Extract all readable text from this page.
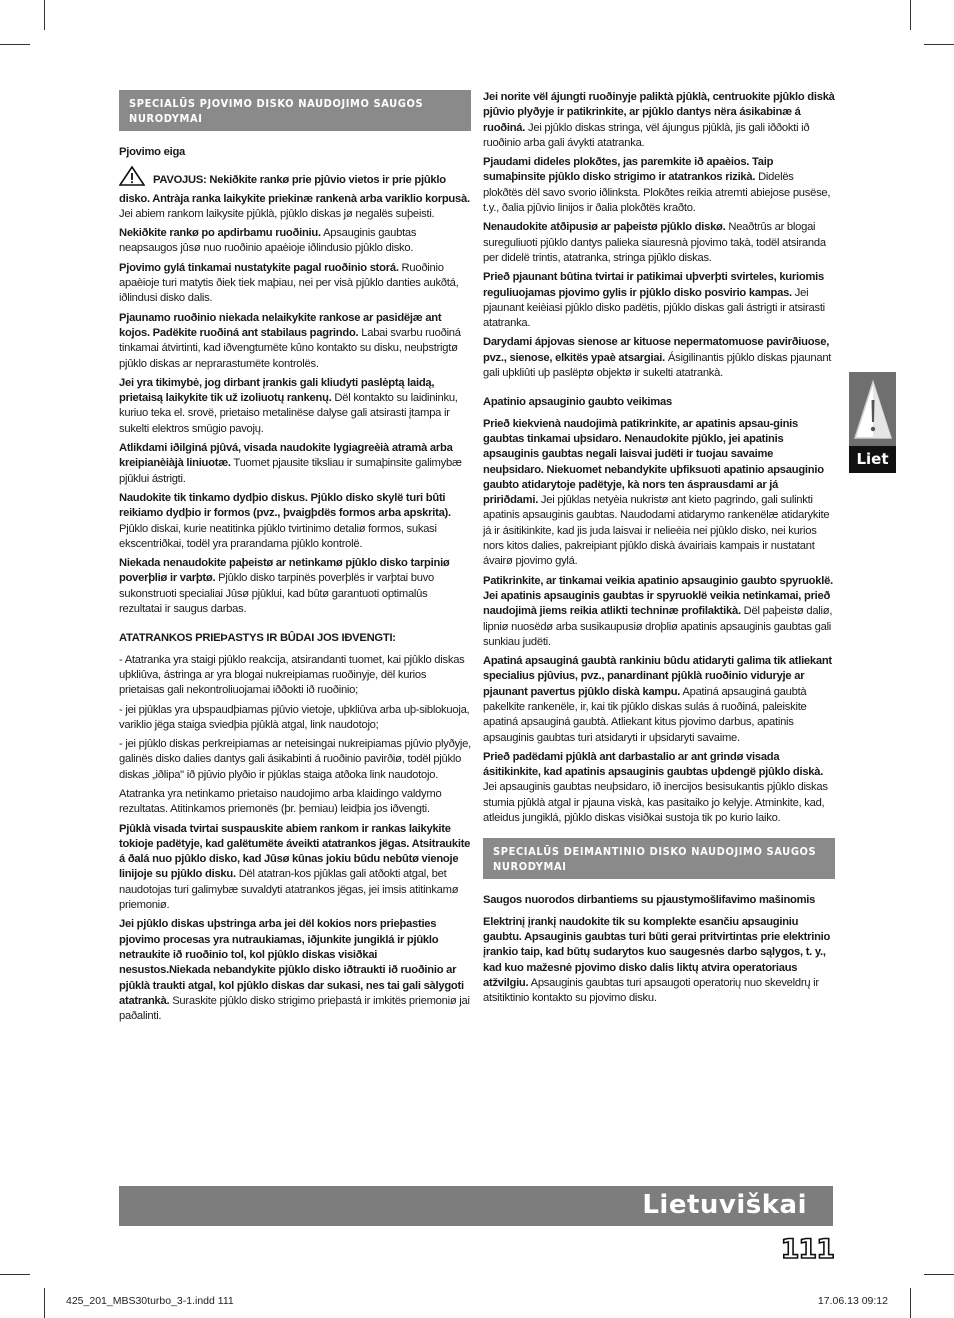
SPECIALŪS PJOVIMO DISKO NAUDOJIMO SAUGOS NURODYMAI

Pjovimo eiga

PAVOJUS: Nekiðkite rankø prie pjûvio vietos ir prie pjûklo disko. Antràja ranka laikykite priekinæ rankenà arba variklio korpusà. Jei abiem rankom laikysite pjûklà, pjûklo diskas jø negalës suþeisti.

Nekiðkite rankø po apdirbamu ruoðiniu. Apsauginis gaubtas neapsaugos jûsø nuo ruoðinio apaèioje iðlindusio pjûklo disko.

Pjovimo gylá tinkamai nustatykite pagal ruoðinio storá. Ruoðinio apaèioje turi matytis ðiek tiek maþiau, nei per visà pjûklo danties aukðtá, iðlindusi disko dalis.

Pjaunamo ruoðinio niekada nelaikykite rankose ar pasidëjæ ant kojos. Padëkite ruoðiná ant stabilaus pagrindo. Labai svarbu ruoðiná tinkamai átvirtinti, kad iðvengtumëte kûno kontakto su disku, neuþstrigtø pjûklo diskas ar neprarastumëte kontrolës.

Jei yra tikimybė, jog dirbant įrankis gali kliudyti paslėptą laidą, prietaisą laikykite tik už izoliuotų rankenų. Dël kontakto su laidininku, kuriuo teka el. srovë, prietaiso metalinëse dalyse gali atsirasti įtampa ir sukelti elektros smūgio pavojų.

Atlikdami iðilginá pjûvá, visada naudokite lygiagreèià atramà arba kreipianèiàjà liniuotæ. Tuomet pjausite tiksliau ir sumaþinsite galimybæ pjûklui ástrigti.

Naudokite tik tinkamo dydþio diskus. Pjûklo disko skylë turi bûti reikiamo dydþio ir formos (pvz., þvaigþdës formos arba apskrita). Pjûklo diskai, kurie neatitinka pjûklo tvirtinimo detaliø formos, sukasi ekscentriðkai, todël yra prarandama pjûklo kontrolë.

Niekada nenaudokite paþeistø ar netinkamø pjûklo disko tarpiniø poverþliø ir varþtø. Pjûklo disko tarpinës poverþlës ir varþtai buvo sukonstruoti specialiai Jûsø pjûklui, kad bûtø garantuoti optimalûs rezultatai ir saugus darbas.

ATATRANKOS PRIEÞASTYS IR BÛDAI JOS IÐVENGTI:

- Atatranka yra staigi pjûklo reakcija, atsirandanti tuomet, kai pjûklo diskas uþkliûva, ástringa ar yra blogai nukreipiamas ruoðinyje, dël kurios prietaisas gali nekontroliuojamai iððokti ið ruoðinio;

- jei pjûklas yra uþspaudþiamas pjûvio vietoje, uþkliûva arba uþ-siblokuoja, variklio jëga staiga sviedþia pjûklà atgal, link naudotojo;

- jei pjûklo diskas perkreipiamas ar neteisingai nukreipiamas pjûvio plyðyje, galinës disko dalies dantys gali ásikabinti á ruoðinio pavirðiø, todël pjûklo diskas „iðlipa" ið pjûvio plyðio ir pjûklas staiga atðoka link naudotojo.

Atatranka yra netinkamo prietaiso naudojimo arba klaidingo valdymo rezultatas. Atitinkamos priemonës (þr. þemiau) leidþia jos iðvengti.

Pjûklà visada tvirtai suspauskite abiem rankom ir rankas laikykite tokioje padëtyje, kad galëtumëte áveikti atatrankos jëgas. Atsitraukite á ðalá nuo pjûklo disko, kad Jûsø kûnas jokiu bûdu nebûtø vienoje linijoje su pjûklo disku. Dël atatran-kos pjûklas gali atðokti atgal, bet naudotojas turi galimybæ suvaldyti atatrankos jëgas, jei imsis atitinkamø priemoniø.

Jei pjûklo diskas uþstringa arba jei dël kokios nors prieþasties pjovimo procesas yra nutraukiamas, iðjunkite jungiklá ir pjûklo netraukite ið ruoðinio tol, kol pjûklo diskas visiðkai nesustos.Niekada nebandykite pjûklo disko iðtraukti ið ruoðinio ar pjûklà traukti atgal, kol pjûklo diskas dar sukasi, nes tai gali sàlygoti atatrankà. Suraskite pjûklo disko strigimo prieþastá ir imkitës priemoniø jai paðalinti.

Jei norite vël ájungti ruoðinyje paliktà pjûklà, centruokite pjûklo diskà pjûvio plyðyje ir patikrinkite, ar pjûklo dantys nëra ásikabinæ á ruoðiná. Jei pjûklo diskas stringa, vël ájungus pjûklà, jis gali iððokti ið ruoðinio arba gali ávykti atatranka.

Pjaudami dideles plokðtes, jas paremkite ið apaèios. Taip sumaþinsite pjûklo disko strigimo ir atatrankos rizikà. Didelës plokðtës dël savo svorio iðlinksta. Plokðtes reikia atremti abiejose pusëse, t.y., ðalia pjûvio linijos ir ðalia plokðtës kraðto.

Nenaudokite atðipusiø ar paþeistø pjûklo diskø. Neaðtrûs ar blogai sureguliuoti pjûklo dantys palieka siauresnà pjovimo takà, todël atsiranda per didelë trintis, atatranka, stringa pjûklo diskas.

Prieð pjaunant bûtina tvirtai ir patikimai uþverþti svirteles, kuriomis reguliuojamas pjovimo gylis ir pjûklo disko posvirio kampas. Jei pjaunant keièiasi pjûklo disko padëtis, pjûklo diskas gali ástrigti ir atsirasti atatranka.

Darydami ápjovas sienose ar kituose nepermatomuose pavirðiuose, pvz., sienose, elkitës ypaè atsargiai. Ásigilinantis pjûklo diskas pjaunant gali uþkliûti uþ paslëptø objektø ir sukelti atatrankà.

Apatinio apsauginio gaubto veikimas

Prieð kiekvienà naudojimà patikrinkite, ar apatinis apsau-ginis gaubtas tinkamai uþsidaro. Nenaudokite pjûklo, jei apatinis apsauginis gaubtas negali laisvai judëti ir tuojau savaime neuþsidaro. Niekuomet nebandykite uþfiksuoti apatinio apsauginio gaubto atidarytoje padëtyje, kà nors ten ásprausdami ar já pririðdami. Jei pjûklas netyèia nukristø ant kieto pagrindo, gali sulinkti apatinis apsauginis gaubtas. Naudodami atidarymo rankenëlæ atidarykite já ir ásitikinkite, kad jis juda laisvai ir nelieèia nei pjûklo disko, nei kurios nors kitos dalies, pakreipiant pjûklo diskà ávairiais kampais ir nustatant ávairø pjovimo gylá.

Patikrinkite, ar tinkamai veikia apatinio apsauginio gaubto spyruoklë. Jei apatinis apsauginis gaubtas ir spyruoklë veikia netinkamai, prieð naudojimà jiems reikia atlikti techninæ profilaktikà. Dël paþeistø daliø, lipniø nuosëdø arba susikaupusiø droþliø apatinis apsauginis gaubtas gali sunkiau judëti.

Apatiná apsauginá gaubtà rankiniu bûdu atidaryti galima tik atliekant specialius pjûvius, pvz., panardinant pjûklà ruoðinio viduryje ar pjaunant pavertus pjûklo diskà kampu. Apatiná apsauginá gaubtà pakelkite rankenële, ir, kai tik pjûklo diskas sulás á ruoðiná, paleiskite apatiná apsauginá gaubtà. Atliekant kitus pjovimo darbus, apatinis apsauginis gaubtas turi atsidaryti ir uþsidaryti savaime.

Prieð padëdami pjûklà ant darbastalio ar ant grindø visada ásitikinkite, kad apatinis apsauginis gaubtas uþdengë pjûklo diskà. Jei apsauginis gaubtas neuþsidaro, ið inercijos besisukantis pjûklo diskas stumia pjûklà atgal ir pjauna viskà, kas pasitaiko jo kelyje. Atminkite, kad, atleidus jungiklá, pjûklo diskas visiðkai sustoja tik po kurio laiko.

SPECIALŪS DEIMANTINIO DISKO NAUDOJIMO SAUGOS NURODYMAI

Saugos nuorodos dirbantiems su pjaustymošlifavimo mašinomis

Elektrinį įrankį naudokite tik su komplekte esančiu apsauginiu gaubtu. Apsauginis gaubtas turi būti gerai pritvirtintas prie elektrinio įrankio taip, kad būtų sudarytos kuo saugesnės darbo sąlygos, t. y., kad kuo mažesnė pjovimo disko dalis liktų atvira operatoriaus atžvilgiu. Apsauginis gaubtas turi apsaugoti operatorių nuo skeveldrų ir atsitiktinio kontakto su pjovimo disku.

Liet
Lietuviškai
111
425_201_MBS30turbo_3-1.indd 111	17.06.13 09:12
